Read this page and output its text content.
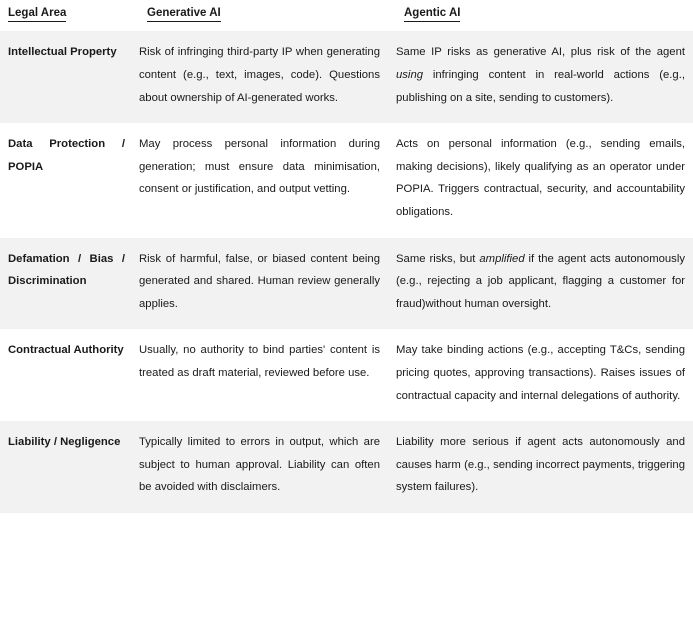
Legal Area	Generative AI	Agentic AI
Intellectual Property	Risk of infringing third-party IP when generating content (e.g., text, images, code). Questions about ownership of AI-generated works.	Same IP risks as generative AI, plus risk of the agent using infringing content in real-world actions (e.g., publishing on a site, sending to customers).
Data Protection / POPIA	May process personal information during generation; must ensure data minimisation, consent or justification, and output vetting.	Acts on personal information (e.g., sending emails, making decisions), likely qualifying as an operator under POPIA. Triggers contractual, security, and accountability obligations.
Defamation / Bias / Discrimination	Risk of harmful, false, or biased content being generated and shared. Human review generally applies.	Same risks, but amplified if the agent acts autonomously (e.g., rejecting a job applicant, flagging a customer for fraud)without human oversight.
Contractual Authority	Usually, no authority to bind parties' content is treated as draft material, reviewed before use.	May take binding actions (e.g., accepting T&Cs, sending pricing quotes, approving transactions). Raises issues of contractual capacity and internal delegations of authority.
Liability / Negligence	Typically limited to errors in output, which are subject to human approval. Liability can often be avoided with disclaimers.	Liability more serious if agent acts autonomously and causes harm (e.g., sending incorrect payments, triggering system failures).
